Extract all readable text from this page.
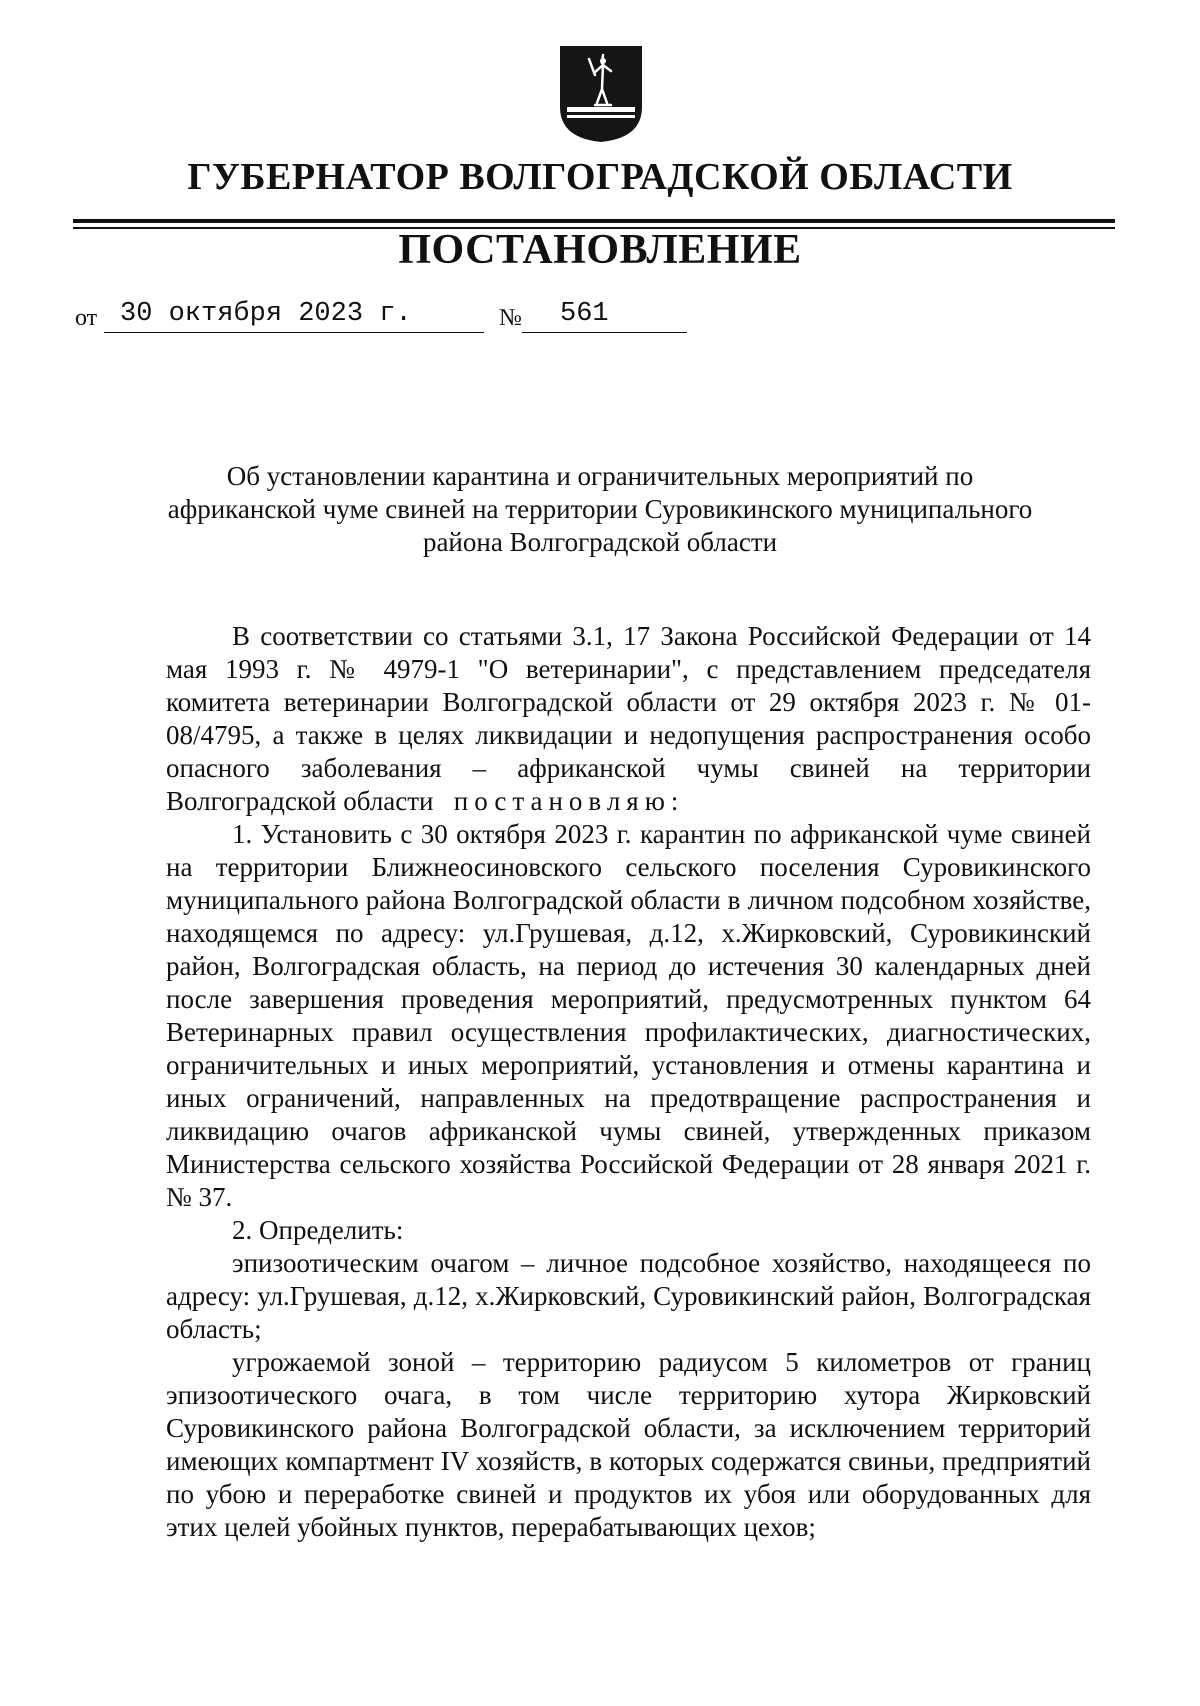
ГУБЕРНАТОР ВОЛГОГРАДСКОЙ ОБЛАСТИ
ПОСТАНОВЛЕНИЕ
от 30 октября 2023 г.	№ 561
Об установлении карантина и ограничительных мероприятий по африканской чуме свиней на территории Суровикинского муниципального района Волгоградской области

В соответствии со статьями 3.1, 17 Закона Российской Федерации от 14 мая 1993 г. № 4979-1 "О ветеринарии", с представлением председателя комитета ветеринарии Волгоградской области от 29 октября 2023 г. № 01-08/4795, а также в целях ликвидации и недопущения распространения особо опасного заболевания – африканской чумы свиней на территории Волгоградской области постановляю:

1. Установить с 30 октября 2023 г. карантин по африканской чуме свиней на территории Ближнеосиновского сельского поселения Суровикинского муниципального района Волгоградской области в личном подсобном хозяйстве, находящемся по адресу: ул.Грушевая, д.12, х.Жирковский, Суровикинский район, Волгоградская область, на период до истечения 30 календарных дней после завершения проведения мероприятий, предусмотренных пунктом 64 Ветеринарных правил осуществления профилактических, диагностических, ограничительных и иных мероприятий, установления и отмены карантина и иных ограничений, направленных на предотвращение распространения и ликвидацию очагов африканской чумы свиней, утвержденных приказом Министерства сельского хозяйства Российской Федерации от 28 января 2021 г. № 37.

2. Определить:

эпизоотическим очагом – личное подсобное хозяйство, находящееся по адресу: ул.Грушевая, д.12, х.Жирковский, Суровикинский район, Волгоградская область;

угрожаемой зоной – территорию радиусом 5 километров от границ эпизоотического очага, в том числе территорию хутора Жирковский Суровикинского района Волгоградской области, за исключением территорий имеющих компартмент IV хозяйств, в которых содержатся свиньи, предприятий по убою и переработке свиней и продуктов их убоя или оборудованных для этих целей убойных пунктов, перерабатывающих цехов;
